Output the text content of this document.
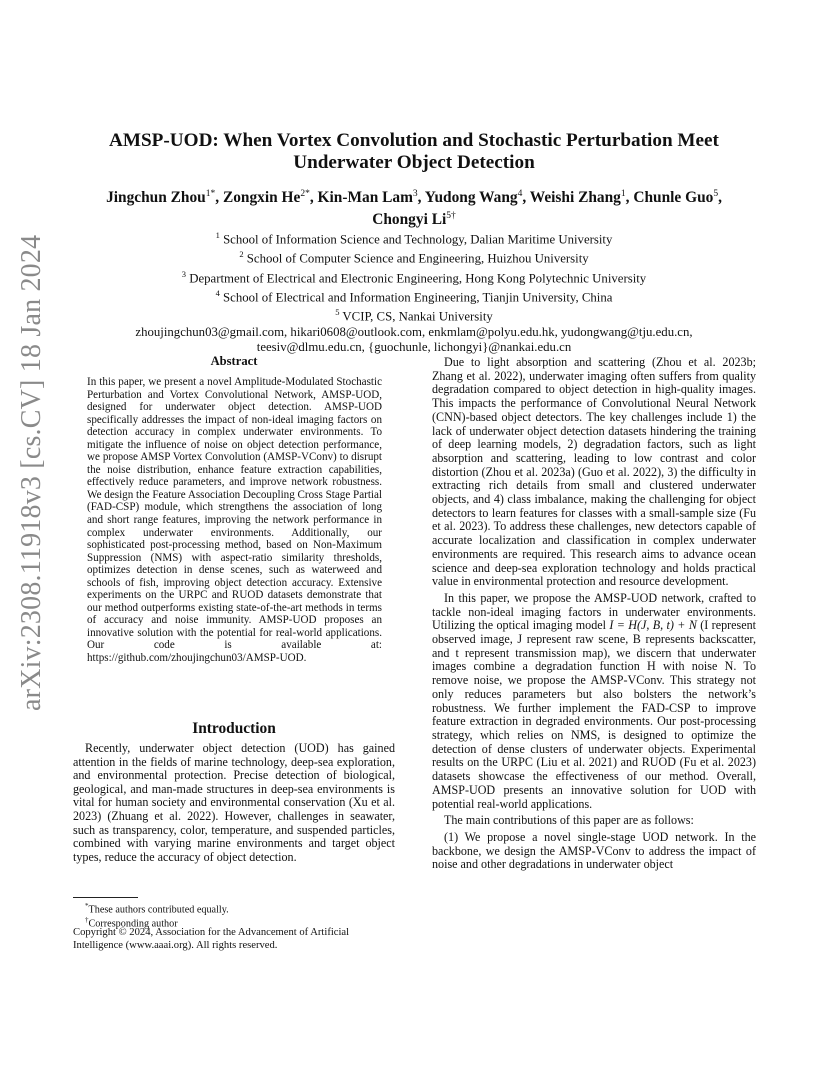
arXiv:2308.11918v3 [cs.CV] 18 Jan 2024
AMSP-UOD: When Vortex Convolution and Stochastic Perturbation Meet
Underwater Object Detection
Jingchun Zhou$^{1*}$, Zongxin $He^{2*}$, Kin-Man Lam$^3$, Yudong Wang$^4$, Weishi Zhang$^1$, Chunle Guo$^5$,
Chongyi $Li^{5\dagger}$
$^1$ School of Information Science and Technology, Dalian Maritime University
$^2$ School of Computer Science and Engineering, Huizhou University
$^3$ Department of Electrical and Electronic Engineering, Hong Kong Polytechnic University
$^4$ School of Electrical and Information Engineering, Tianjin University, China
$^5$ VCIP, CS, Nankai University
zhoujingchun03@gmail.com, hikari0608@outlook.com, enkmlam@polyu.edu.hk, yudongwang@tju.edu.cn,
teesiv@dlmu.edu.cn, {guochunle, lichongyi}@nankai.edu.cn
Abstract
In this paper, we present a novel Amplitude-Modulated Stochastic Perturbation and Vortex Convolutional Network, AMSP-UOD, designed for underwater object detection. AMSP-UOD specifically addresses the impact of non-ideal imaging factors on detection accuracy in complex underwater environments. To mitigate the influence of noise on object detection performance, we propose AMSP Vortex Convolution (AMSP-VConv) to disrupt the noise distribution, enhance feature extraction capabilities, effectively reduce parameters, and improve network robustness. We design the Feature Association Decoupling Cross Stage Partial (FAD-CSP) module, which strengthens the association of long and short range features, improving the network performance in complex underwater environments. Additionally, our sophisticated post-processing method, based on Non-Maximum Suppression (NMS) with aspect-ratio similarity thresholds, optimizes detection in dense scenes, such as waterweed and schools of fish, improving object detection accuracy. Extensive experiments on the URPC and RUOD datasets demonstrate that our method outperforms existing state-of-the-art methods in terms of accuracy and noise immunity. AMSP-UOD proposes an innovative solution with the potential for real-world applications. Our code is available at: https://github.com/zhoujingchun03/AMSP-UOD.
Introduction
Recently, underwater object detection (UOD) has gained attention in the fields of marine technology, deep-sea exploration, and environmental protection. Precise detection of biological, geological, and man-made structures in deep-sea environments is vital for human society and environmental conservation (Xu et al. 2023) (Zhuang et al. 2022). However, challenges in seawater, such as transparency, color, temperature, and suspended particles, combined with varying marine environments and target object types, reduce the accuracy of object detection.
*These authors contributed equally.
†Corresponding author
Copyright © 2024, Association for the Advancement of Artificial Intelligence (www.aaai.org). All rights reserved.

Due to light absorption and scattering (Zhou et al. 2023b; Zhang et al. 2022), underwater imaging often suffers from quality degradation compared to object detection in high-quality images. This impacts the performance of Convolutional Neural Network (CNN)-based object detectors. The key challenges include 1) the lack of underwater object detection datasets hindering the training of deep learning models, 2) degradation factors, such as light absorption and scattering, leading to low contrast and color distortion (Zhou et al. 2023a) (Guo et al. 2022), 3) the difficulty in extracting rich details from small and clustered underwater objects, and 4) class imbalance, making the challenging for object detectors to learn features for classes with a small-sample size (Fu et al. 2023). To address these challenges, new detectors capable of accurate localization and classification in complex underwater environments are required. This research aims to advance ocean science and deep-sea exploration technology and holds practical value in environmental protection and resource development.

In this paper, we propose the AMSP-UOD network, crafted to tackle non-ideal imaging factors in underwater environments. Utilizing the optical imaging model I = H(J, B, t) + N (I represent observed image, J represent raw scene, B represents backscatter, and t represent transmission map), we discern that underwater images combine a degradation function H with noise N. To remove noise, we propose the AMSP-VConv. This strategy not only reduces parameters but also bolsters the network’s robustness. We further implement the FAD-CSP to improve feature extraction in degraded environments. Our post-processing strategy, which relies on NMS, is designed to optimize the detection of dense clusters of underwater objects. Experimental results on the URPC (Liu et al. 2021) and RUOD (Fu et al. 2023) datasets showcase the effectiveness of our method. Overall, AMSP-UOD presents an innovative solution for UOD with potential real-world applications.

The main contributions of this paper are as follows:

(1) We propose a novel single-stage UOD network. In the backbone, we design the AMSP-VConv to address the impact of noise and other degradations in underwater object
